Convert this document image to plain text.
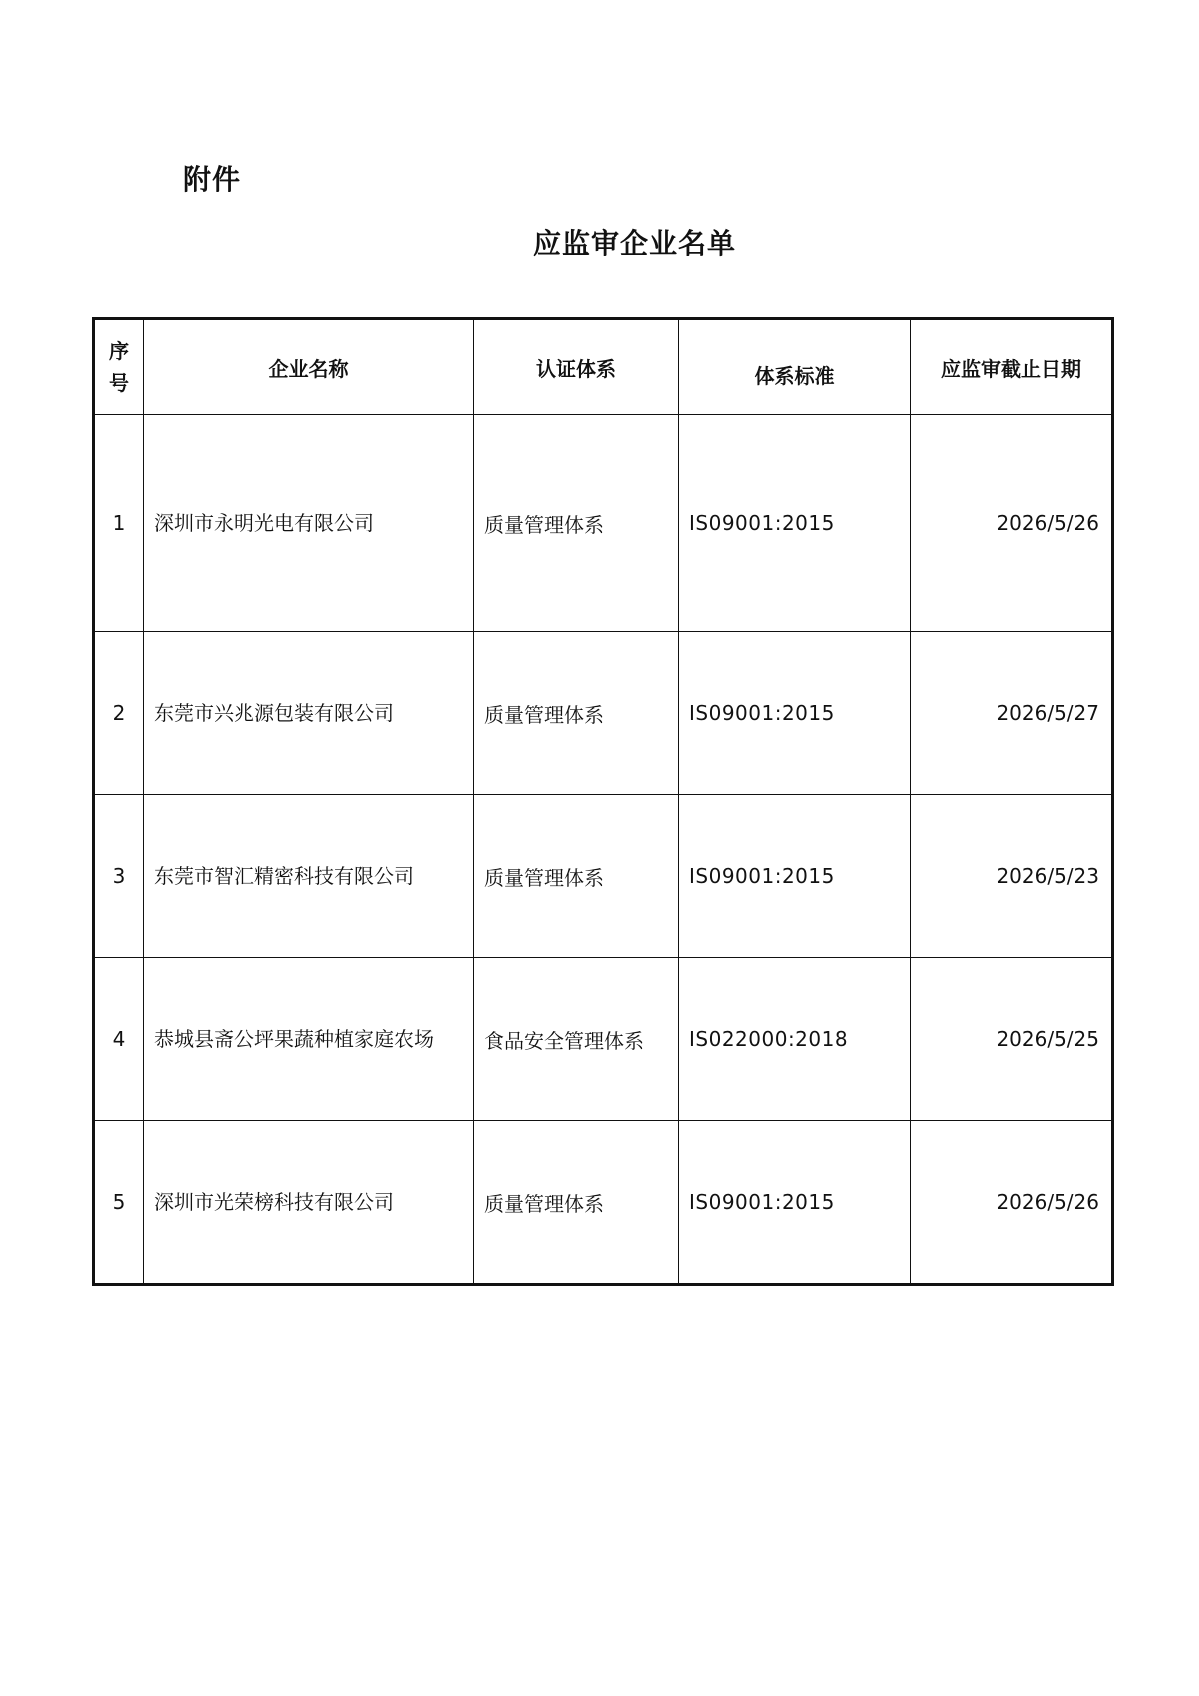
附件
应监审企业名单
序
号	企业名称	认证体系	体系标准	应监审截止日期
1	深圳市永明光电有限公司	质量管理体系	IS09001:2015	2026/5/26
2	东莞市兴兆源包装有限公司	质量管理体系	IS09001:2015	2026/5/27
3	东莞市智汇精密科技有限公司	质量管理体系	IS09001:2015	2026/5/23
4	恭城县斋公坪果蔬种植家庭农场	食品安全管理体系	IS022000:2018	2026/5/25
5	深圳市光荣榜科技有限公司	质量管理体系	IS09001:2015	2026/5/26
